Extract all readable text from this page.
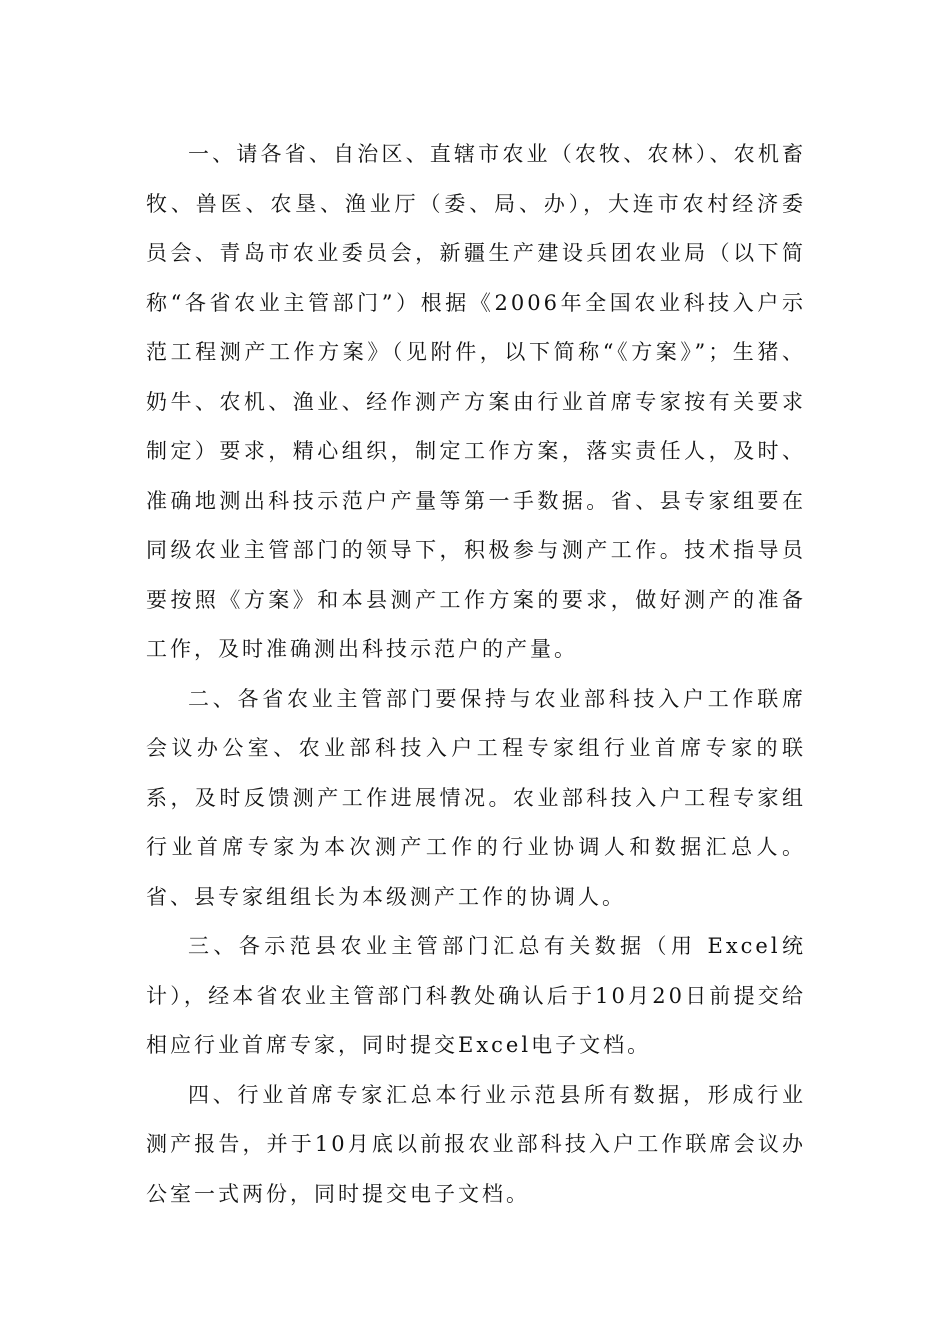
一、请各省、自治区、直辖市农业（农牧、农林）、农机畜牧、兽医、农垦、渔业厅（委、局、办），大连市农村经济委员会、青岛市农业委员会，新疆生产建设兵团农业局（以下简称“各省农业主管部门”）根据《2006年全国农业科技入户示范工程测产工作方案》（见附件，以下简称“《方案》”；生猪、奶牛、农机、渔业、经作测产方案由行业首席专家按有关要求制定）要求，精心组织，制定工作方案，落实责任人，及时、准确地测出科技示范户产量等第一手数据。省、县专家组要在同级农业主管部门的领导下，积极参与测产工作。技术指导员要按照《方案》和本县测产工作方案的要求，做好测产的准备工作，及时准确测出科技示范户的产量。

二、各省农业主管部门要保持与农业部科技入户工作联席会议办公室、农业部科技入户工程专家组行业首席专家的联系，及时反馈测产工作进展情况。农业部科技入户工程专家组行业首席专家为本次测产工作的行业协调人和数据汇总人。省、县专家组组长为本级测产工作的协调人。

三、各示范县农业主管部门汇总有关数据（用 Excel统计），经本省农业主管部门科教处确认后于10月20日前提交给相应行业首席专家，同时提交Excel电子文档。

四、行业首席专家汇总本行业示范县所有数据，形成行业测产报告，并于10月底以前报农业部科技入户工作联席会议办公室一式两份，同时提交电子文档。
